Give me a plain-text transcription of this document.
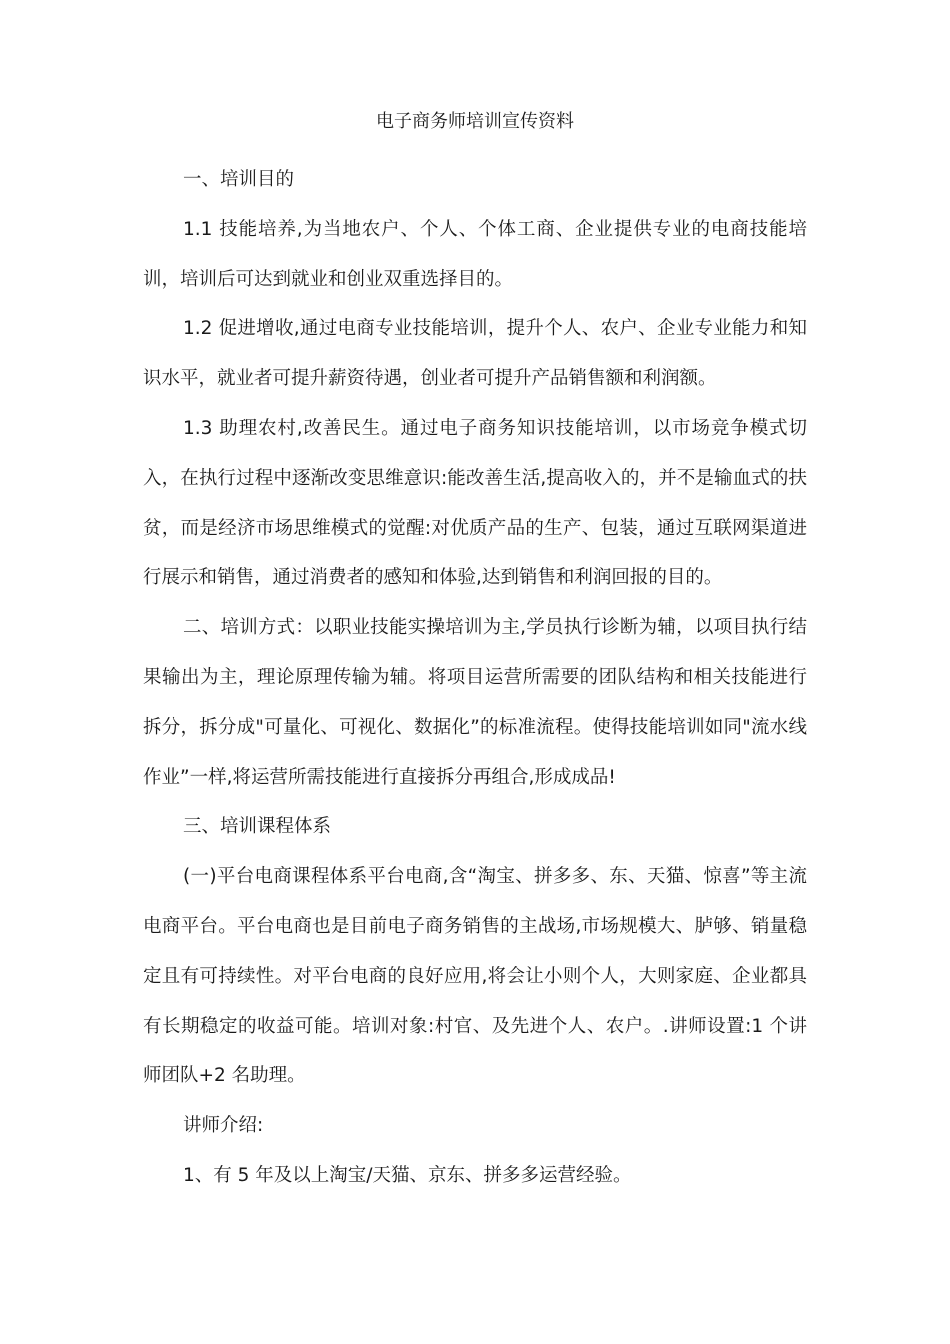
电子商务师培训宣传资料

一、培训目的

1.1 技能培养,为当地农户、个人、个体工商、企业提供专业的电商技能培训，培训后可达到就业和创业双重选择目的。

1.2 促进增收,通过电商专业技能培训，提升个人、农户、企业专业能力和知识水平，就业者可提升薪资待遇，创业者可提升产品销售额和利润额。

1.3 助理农村,改善民生。通过电子商务知识技能培训，以市场竞争模式切入，在执行过程中逐渐改变思维意识:能改善生活,提高收入的，并不是输血式的扶贫，而是经济市场思维模式的觉醒:对优质产品的生产、包装，通过互联网渠道进行展示和销售，通过消费者的感知和体验,达到销售和利润回报的目的。

二、培训方式：以职业技能实操培训为主,学员执行诊断为辅，以项目执行结果输出为主，理论原理传输为辅。将项目运营所需要的团队结构和相关技能进行拆分，拆分成"可量化、可视化、数据化”的标准流程。使得技能培训如同"流水线作业”一样,将运营所需技能进行直接拆分再组合,形成成品!

三、培训课程体系

(一)平台电商课程体系平台电商,含“淘宝、拼多多、东、天猫、惊喜”等主流电商平台。平台电商也是目前电子商务销售的主战场,市场规模大、胪够、销量稳定且有可持续性。对平台电商的良好应用,将会让小则个人，大则家庭、企业都具有长期稳定的收益可能。培训对象:村官、及先进个人、农户。.讲师设置:1 个讲师团队+2 名助理。

讲师介绍:

1、有 5 年及以上淘宝/天猫、京东、拼多多运营经验。
